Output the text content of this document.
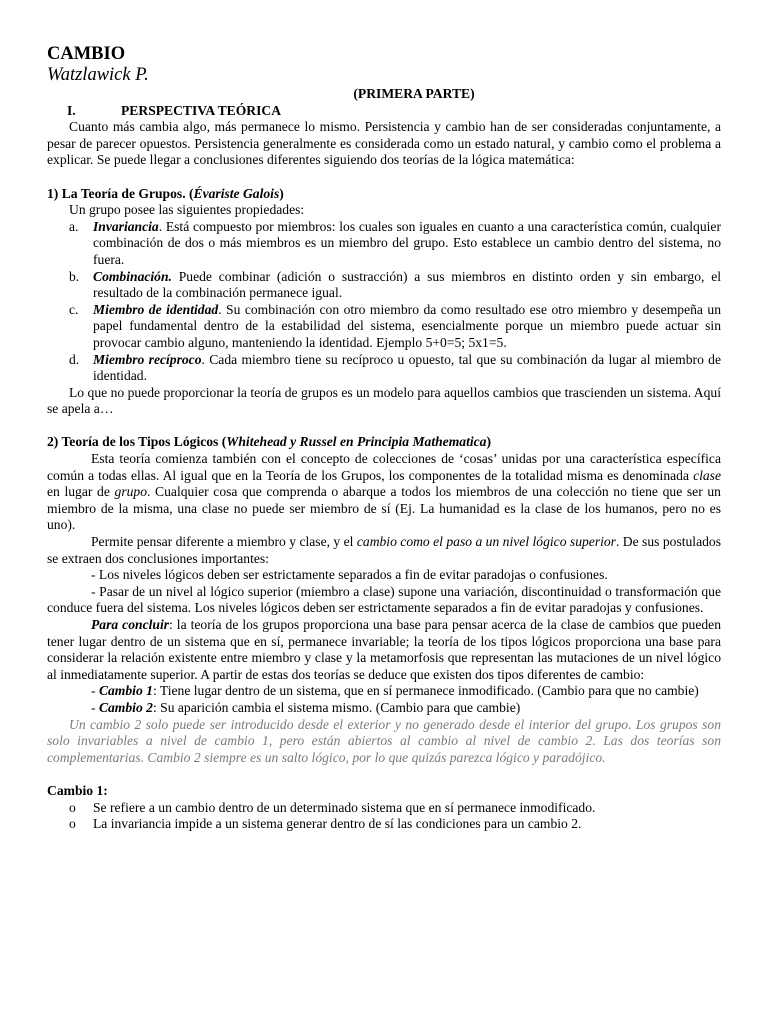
CAMBIO
Watzlawick P.
(PRIMERA PARTE)
I.	PERSPECTIVA TEÓRICA

Cuanto más cambia algo, más permanece lo mismo. Persistencia y cambio han de ser consideradas conjuntamente, a pesar de parecer opuestos. Persistencia generalmente es considerada como un estado natural, y cambio como el problema a explicar. Se puede llegar a conclusiones diferentes siguiendo dos teorías de la lógica matemática:

1) La Teoría de Grupos. (Évariste Galois)

Un grupo posee las siguientes propiedades:

a.	Invariancia. Está compuesto por miembros: los cuales son iguales en cuanto a una característica común, cualquier combinación de dos o más miembros es un miembro del grupo. Esto establece un cambio dentro del sistema, no fuera.
b.	Combinación. Puede combinar (adición o sustracción) a sus miembros en distinto orden y sin embargo, el resultado de la combinación permanece igual.
c.	Miembro de identidad. Su combinación con otro miembro da como resultado ese otro miembro y desempeña un papel fundamental dentro de la estabilidad del sistema, esencialmente porque un miembro puede actuar sin provocar cambio alguno, manteniendo la identidad. Ejemplo 5+0=5; 5x1=5.
d.	Miembro recíproco. Cada miembro tiene su recíproco u opuesto, tal que su combinación da lugar al miembro de identidad.

Lo que no puede proporcionar la teoría de grupos es un modelo para aquellos cambios que trascienden un sistema. Aquí se apela a…

2) Teoría de los Tipos Lógicos (Whitehead y Russel en Principia Mathematica)

Esta teoría comienza también con el concepto de colecciones de ‘cosas’ unidas por una característica específica común a todas ellas. Al igual que en la Teoría de los Grupos, los componentes de la totalidad misma es denominada clase en lugar de grupo. Cualquier cosa que comprenda o abarque a todos los miembros de una colección no tiene que ser un miembro de la misma, una clase no puede ser miembro de sí (Ej. La humanidad es la clase de los humanos, pero no es uno).

Permite pensar diferente a miembro y clase, y el cambio como el paso a un nivel lógico superior. De sus postulados se extraen dos conclusiones importantes:

- Los niveles lógicos deben ser estrictamente separados a fin de evitar paradojas o confusiones.

- Pasar de un nivel al lógico superior (miembro a clase) supone una variación, discontinuidad o transformación que conduce fuera del sistema. Los niveles lógicos deben ser estrictamente separados a fin de evitar paradojas y confusiones.

Para concluir: la teoría de los grupos proporciona una base para pensar acerca de la clase de cambios que pueden tener lugar dentro de un sistema que en sí, permanece invariable; la teoría de los tipos lógicos proporciona una base para considerar la relación existente entre miembro y clase y la metamorfosis que representan las mutaciones de un nivel lógico al inmediatamente superior. A partir de estas dos teorías se deduce que existen dos tipos diferentes de cambio:

- Cambio 1: Tiene lugar dentro de un sistema, que en sí permanece inmodificado. (Cambio para que no cambie)

- Cambio 2: Su aparición cambia el sistema mismo. (Cambio para que cambie)

Un cambio 2 solo puede ser introducido desde el exterior y no generado desde el interior del grupo. Los grupos son solo invariables a nivel de cambio 1, pero están abiertos al cambio al nivel de cambio 2. Las dos teorías son complementarias. Cambio 2 siempre es un salto lógico, por lo que quizás parezca lógico y paradójico.

Cambio 1:

o	Se refiere a un cambio dentro de un determinado sistema que en sí permanece inmodificado.
o	La invariancia impide a un sistema generar dentro de sí las condiciones para un cambio 2.
